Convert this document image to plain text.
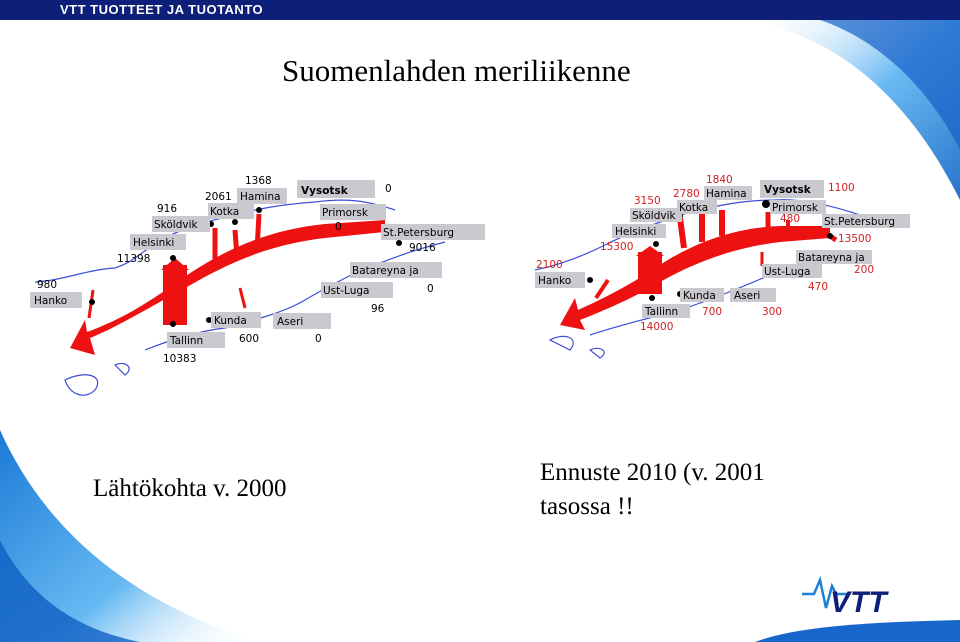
VTT TUOTTEET JA TUOTANTO
Suomenlahden meriliikenne
Hanko
980
Helsinki
11398
Sköldvik
916	Kotka
2061 Hamina
1368
Vysotsk	0
Primorsk
0	St.Petersburg
9016
Batareyna ja
Ust-Luga	0
96
Aseri
0
Kunda
600
Tallinn
10383
Hanko
2100
Helsinki
15300
Sköldvik
3150
Kotka
2780 Hamina
1840
Vysotsk 1100
Primorsk
480 St.Petersburg
13500
Batareyna ja
200
Ust-Luga
470
Aseri
300
Kunda
700
Tallinn
14000
Lähtökohta v. 2000
Ennuste 2010 (v. 2001
tasossa !!
VTT
